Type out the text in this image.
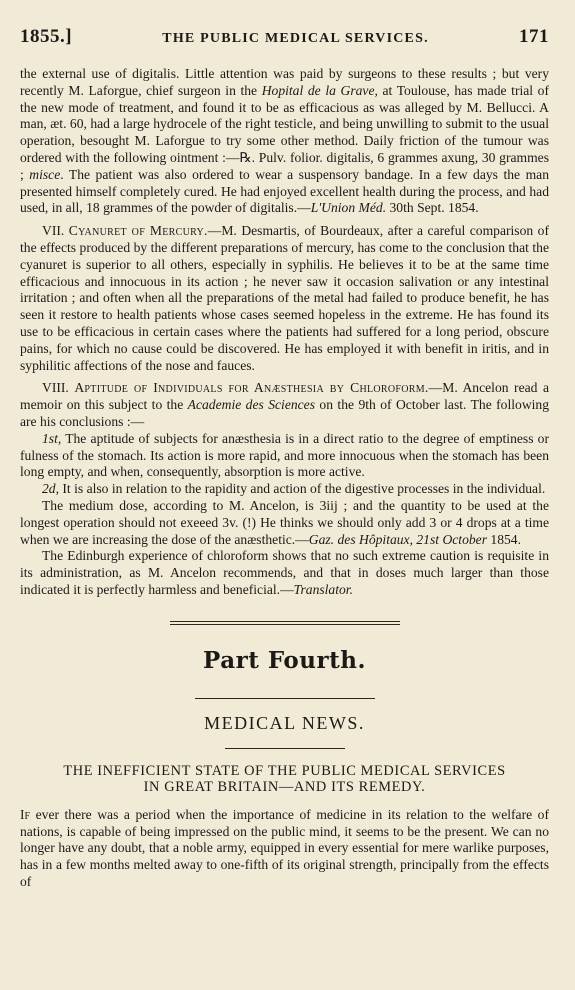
1855.]	THE PUBLIC MEDICAL SERVICES.	171

the external use of digitalis. Little attention was paid by surgeons to these results ; but very recently M. Laforgue, chief surgeon in the Hopital de la Grave, at Toulouse, has made trial of the new mode of treatment, and found it to be as efficacious as was alleged by M. Bellucci. A man, æt. 60, had a large hydrocele of the right testicle, and being unwilling to submit to the usual operation, besought M. Laforgue to try some other method. Daily friction of the tumour was ordered with the following ointment :—℞. Pulv. folior. digitalis, 6 grammes axung, 30 grammes ; misce. The patient was also ordered to wear a suspensory bandage. In a few days the man presented himself completely cured. He had enjoyed excellent health during the process, and had used, in all, 18 grammes of the powder of digitalis.—L'Union Méd. 30th Sept. 1854.

VII. Cyanuret of Mercury.—M. Desmartis, of Bourdeaux, after a careful comparison of the effects produced by the different preparations of mercury, has come to the conclusion that the cyanuret is superior to all others, especially in syphilis. He believes it to be at the same time efficacious and innocuous in its action ; he never saw it occasion salivation or any intestinal irritation ; and often when all the preparations of the metal had failed to produce benefit, he has seen it restore to health patients whose cases seemed hopeless in the extreme. He has found its use to be efficacious in certain cases where the patients had suffered for a long period, obscure pains, for which no cause could be discovered. He has employed it with benefit in iritis, and in syphilitic affections of the nose and fauces.

VIII. Aptitude of Individuals for Anæsthesia by Chloroform.—M. Ancelon read a memoir on this subject to the Academie des Sciences on the 9th of October last. The following are his conclusions :—

1st, The aptitude of subjects for anæsthesia is in a direct ratio to the degree of emptiness or fulness of the stomach. Its action is more rapid, and more innocuous when the stomach has been long empty, and when, consequently, absorption is more active.

2d, It is also in relation to the rapidity and action of the digestive processes in the individual.

The medium dose, according to M. Ancelon, is 3iij ; and the quantity to be used at the longest operation should not exeeed 3v. (!) He thinks we should only add 3 or 4 drops at a time when we are increasing the dose of the anæsthetic.—Gaz. des Hôpitaux, 21st October 1854.

The Edinburgh experience of chloroform shows that no such extreme caution is requisite in its administration, as M. Ancelon recommends, and that in doses much larger than those indicated it is perfectly harmless and beneficial.—Translator.

Part Fourth.
MEDICAL NEWS.
THE INEFFICIENT STATE OF THE PUBLIC MEDICAL SERVICES
IN GREAT BRITAIN—AND ITS REMEDY.

If ever there was a period when the importance of medicine in its relation to the welfare of nations, is capable of being impressed on the public mind, it seems to be the present. We can no longer have any doubt, that a noble army, equipped in every essential for mere warlike purposes, has in a few months melted away to one-fifth of its original strength, principally from the effects of
